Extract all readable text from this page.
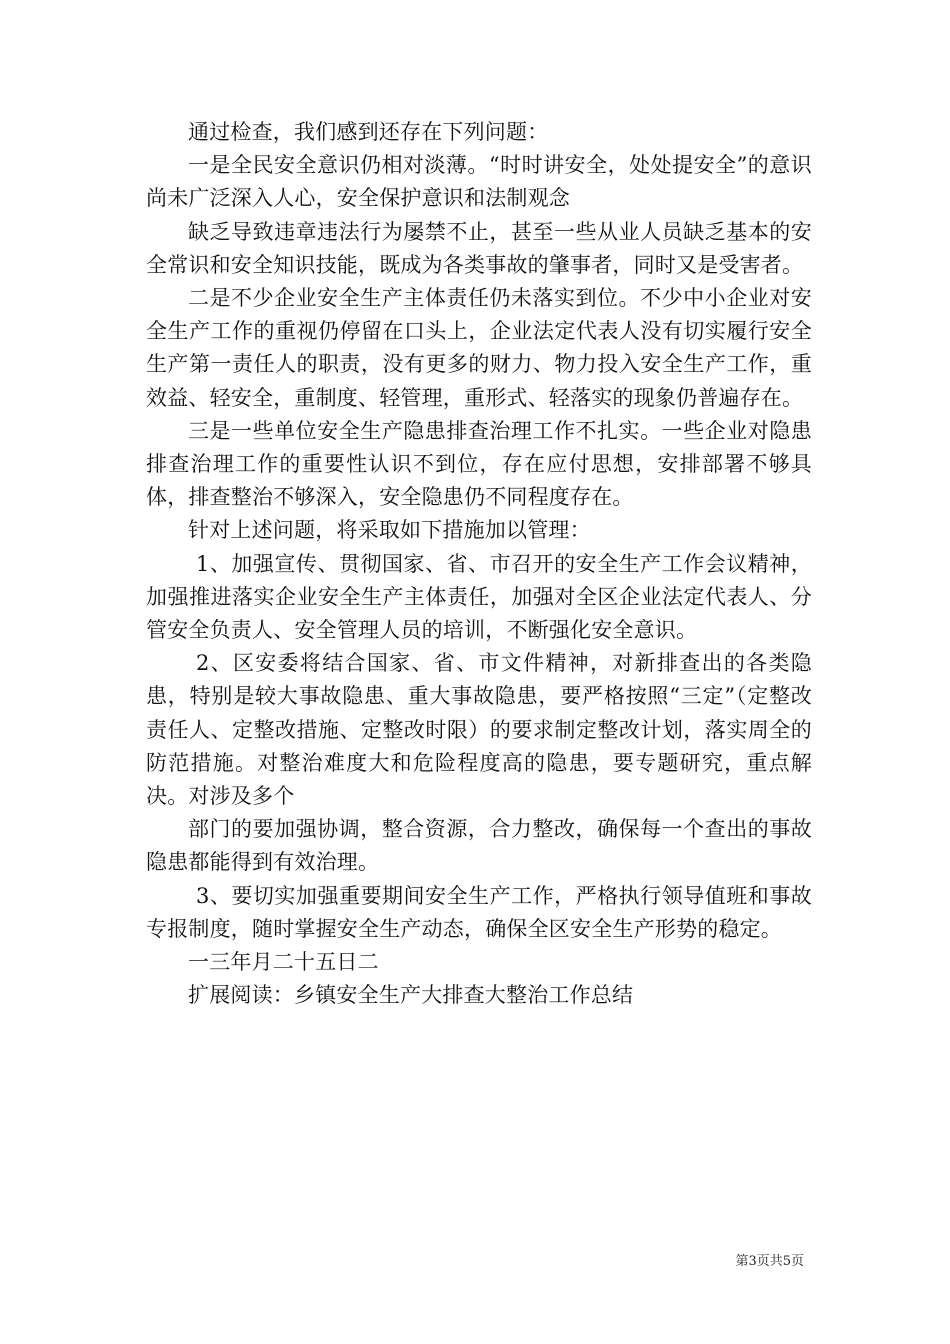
通过检查，我们感到还存在下列问题：

一是全民安全意识仍相对淡薄。“时时讲安全，处处提安全”的意识尚未广泛深入人心，安全保护意识和法制观念

缺乏导致违章违法行为屡禁不止，甚至一些从业人员缺乏基本的安全常识和安全知识技能，既成为各类事故的肇事者，同时又是受害者。

二是不少企业安全生产主体责任仍未落实到位。不少中小企业对安全生产工作的重视仍停留在口头上，企业法定代表人没有切实履行安全生产第一责任人的职责，没有更多的财力、物力投入安全生产工作，重效益、轻安全，重制度、轻管理，重形式、轻落实的现象仍普遍存在。

三是一些单位安全生产隐患排查治理工作不扎实。一些企业对隐患排查治理工作的重要性认识不到位，存在应付思想，安排部署不够具体，排查整治不够深入，安全隐患仍不同程度存在。

针对上述问题，将采取如下措施加以管理：

1、加强宣传、贯彻国家、省、市召开的安全生产工作会议精神，加强推进落实企业安全生产主体责任，加强对全区企业法定代表人、分管安全负责人、安全管理人员的培训，不断强化安全意识。

2、区安委将结合国家、省、市文件精神，对新排查出的各类隐患，特别是较大事故隐患、重大事故隐患，要严格按照“三定”（定整改责任人、定整改措施、定整改时限）的要求制定整改计划，落实周全的防范措施。对整治难度大和危险程度高的隐患，要专题研究，重点解决。对涉及多个

部门的要加强协调，整合资源，合力整改，确保每一个查出的事故隐患都能得到有效治理。

3、要切实加强重要期间安全生产工作，严格执行领导值班和事故专报制度，随时掌握安全生产动态，确保全区安全生产形势的稳定。

一三年月二十五日二

扩展阅读：乡镇安全生产大排查大整治工作总结

第3页共5页
